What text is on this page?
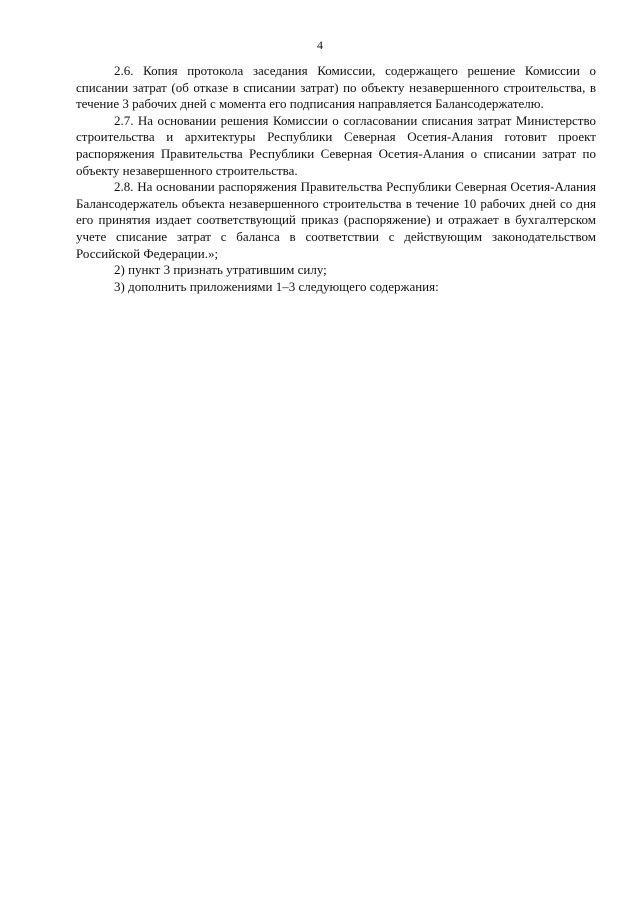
4

2.6. Копия протокола заседания Комиссии, содержащего решение Комиссии о списании затрат (об отказе в списании затрат) по объекту незавершенного строительства, в течение 3 рабочих дней с момента его подписания направляется Балансодержателю.

2.7. На основании решения Комиссии о согласовании списания затрат Министерство строительства и архитектуры Республики Северная Осетия-Алания готовит проект распоряжения Правительства Республики Северная Осетия-Алания о списании затрат по объекту незавершенного строительства.

2.8. На основании распоряжения Правительства Республики Северная Осетия-Алания Балансодержатель объекта незавершенного строительства в течение 10 рабочих дней со дня его принятия издает соответствующий приказ (распоряжение) и отражает в бухгалтерском учете списание затрат с баланса в соответствии с действующим законодательством Российской Федерации.»;

2) пункт 3 признать утратившим силу;

3) дополнить приложениями 1–3 следующего содержания:
